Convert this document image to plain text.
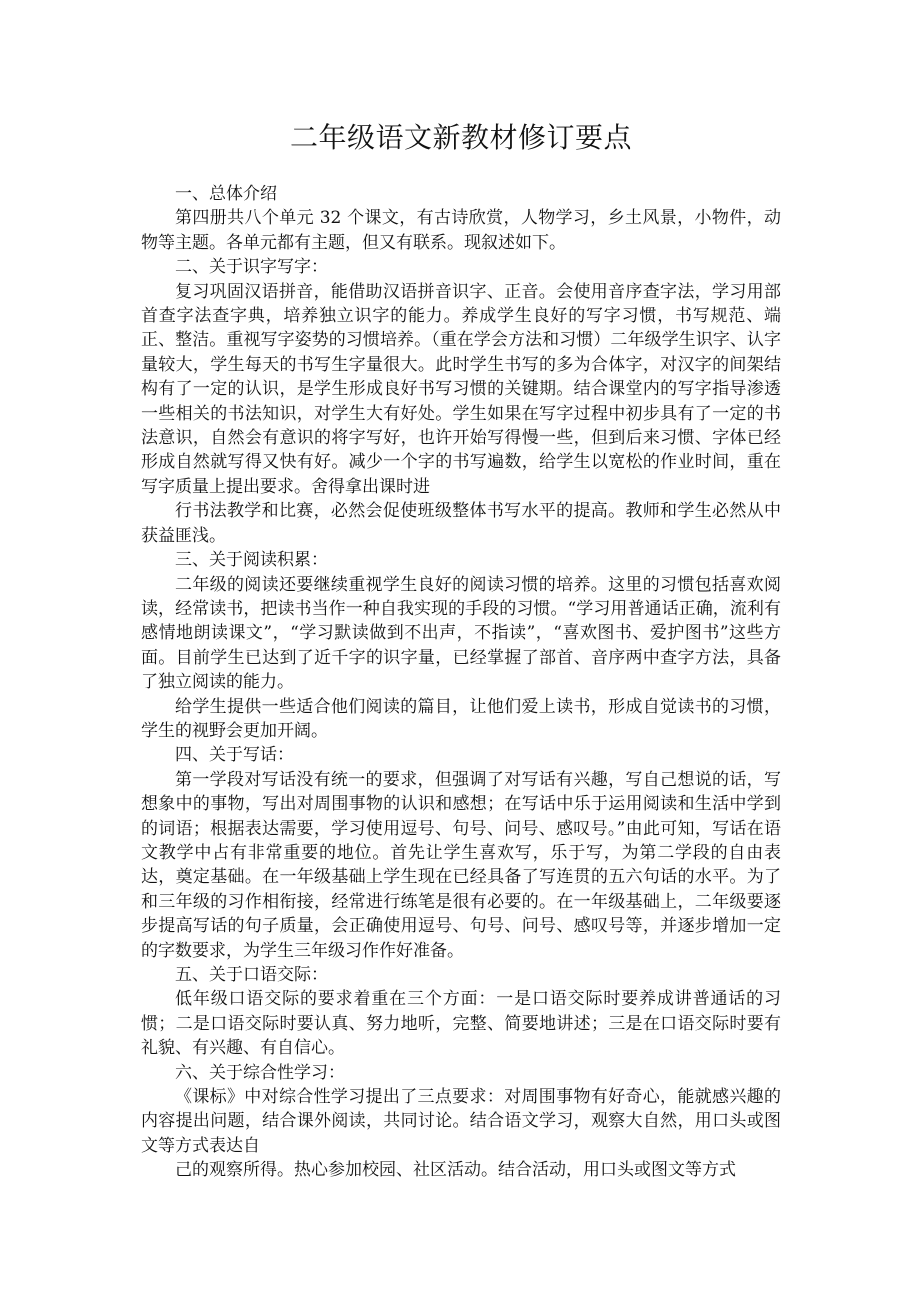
二年级语文新教材修订要点

一、总体介绍

第四册共八个单元 32 个课文，有古诗欣赏，人物学习，乡土风景，小物件，动物等主题。各单元都有主题，但又有联系。现叙述如下。

二、关于识字写字：

复习巩固汉语拼音，能借助汉语拼音识字、正音。会使用音序查字法，学习用部首查字法查字典，培养独立识字的能力。养成学生良好的写字习惯，书写规范、端正、整洁。重视写字姿势的习惯培养。（重在学会方法和习惯）二年级学生识字、认字量较大，学生每天的书写生字量很大。此时学生书写的多为合体字，对汉字的间架结构有了一定的认识，是学生形成良好书写习惯的关键期。结合课堂内的写字指导渗透一些相关的书法知识，对学生大有好处。学生如果在写字过程中初步具有了一定的书法意识，自然会有意识的将字写好，也许开始写得慢一些，但到后来习惯、字体已经形成自然就写得又快有好。减少一个字的书写遍数，给学生以宽松的作业时间，重在写字质量上提出要求。舍得拿出课时进

行书法教学和比赛，必然会促使班级整体书写水平的提高。教师和学生必然从中获益匪浅。

三、关于阅读积累：

二年级的阅读还要继续重视学生良好的阅读习惯的培养。这里的习惯包括喜欢阅读，经常读书，把读书当作一种自我实现的手段的习惯。“学习用普通话正确，流利有感情地朗读课文”，“学习默读做到不出声，不指读”，“喜欢图书、爱护图书”这些方面。目前学生已达到了近千字的识字量，已经掌握了部首、音序两中查字方法，具备了独立阅读的能力。

给学生提供一些适合他们阅读的篇目，让他们爱上读书，形成自觉读书的习惯，学生的视野会更加开阔。

四、关于写话：

第一学段对写话没有统一的要求，但强调了对写话有兴趣，写自己想说的话，写想象中的事物，写出对周围事物的认识和感想；在写话中乐于运用阅读和生活中学到的词语；根据表达需要，学习使用逗号、句号、问号、感叹号。”由此可知，写话在语文教学中占有非常重要的地位。首先让学生喜欢写，乐于写，为第二学段的自由表达，奠定基础。在一年级基础上学生现在已经具备了写连贯的五六句话的水平。为了和三年级的习作相衔接，经常进行练笔是很有必要的。在一年级基础上，二年级要逐步提高写话的句子质量，会正确使用逗号、句号、问号、感叹号等，并逐步增加一定的字数要求，为学生三年级习作作好准备。

五、关于口语交际：

低年级口语交际的要求着重在三个方面：一是口语交际时要养成讲普通话的习惯；二是口语交际时要认真、努力地听，完整、简要地讲述；三是在口语交际时要有礼貌、有兴趣、有自信心。

六、关于综合性学习：

《课标》中对综合性学习提出了三点要求：对周围事物有好奇心，能就感兴趣的内容提出问题，结合课外阅读，共同讨论。结合语文学习，观察大自然，用口头或图文等方式表达自

己的观察所得。热心参加校园、社区活动。结合活动，用口头或图文等方式
